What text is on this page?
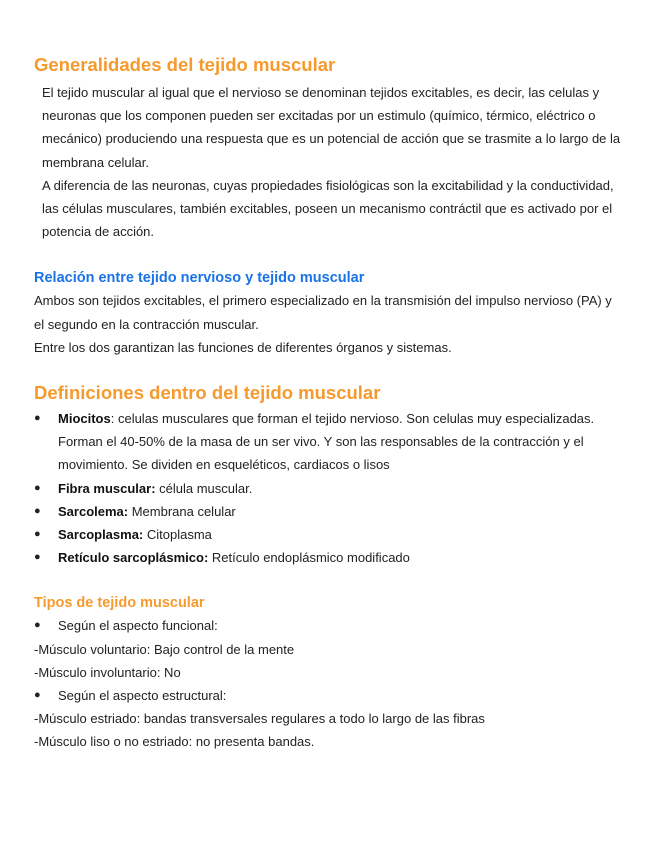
Generalidades del tejido muscular

El tejido muscular al igual que el nervioso se denominan tejidos excitables, es decir, las celulas y neuronas que los componen pueden ser excitadas por un estimulo (químico, térmico, eléctrico o mecánico) produciendo una respuesta que es un potencial de acción que se trasmite a lo largo de la membrana celular.

A diferencia de las neuronas, cuyas propiedades fisiológicas son la excitabilidad y la conductividad, las células musculares, también excitables, poseen un mecanismo contráctil que es activado por el potencia de acción.

Relación entre tejido nervioso y tejido muscular

Ambos son tejidos excitables, el primero especializado en la transmisión del impulso nervioso (PA) y el segundo en la contracción muscular.

Entre los dos garantizan las funciones de diferentes órganos y sistemas.

Definiciones dentro del tejido muscular
● Miocitos: celulas musculares que forman el tejido nervioso. Son celulas muy especializadas. Forman el 40-50% de la masa de un ser vivo. Y son las responsables de la contracción y el movimiento. Se dividen en esqueléticos, cardiacos o lisos
● Fibra muscular: célula muscular.
● Sarcolema: Membrana celular
● Sarcoplasma: Citoplasma
● Retículo sarcoplásmico: Retículo endoplásmico modificado
Tipos de tejido muscular

● Según el aspecto funcional:

-Músculo voluntario: Bajo control de la mente

-Músculo involuntario: No

● Según el aspecto estructural:

-Músculo estriado: bandas transversales regulares a todo lo largo de las fibras

-Músculo liso o no estriado: no presenta bandas.
